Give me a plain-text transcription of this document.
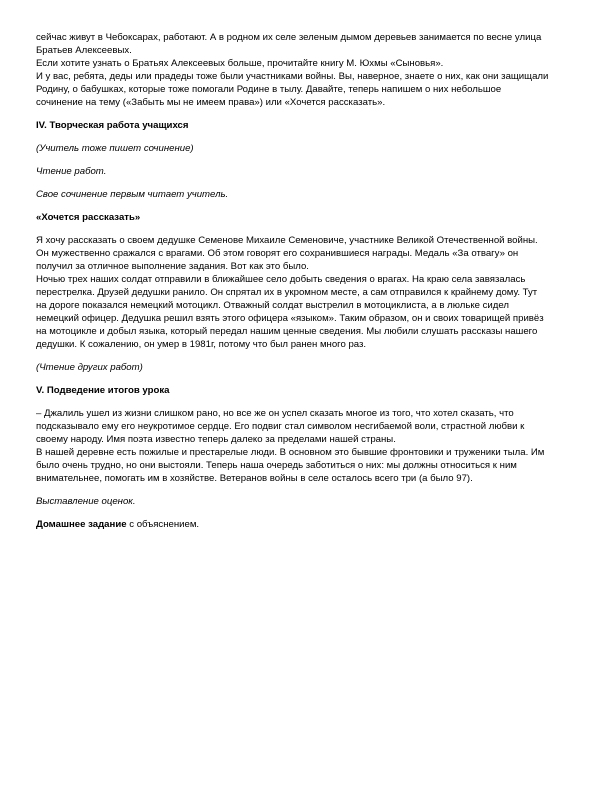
сейчас живут в Чебоксарах, работают. А в родном их селе зеленым дымом деревьев занимается по весне улица
Братьев Алексеевых.
Если хотите узнать о Братьях Алексеевых больше, прочитайте книгу М. Юхмы «Сыновья».
И у вас, ребята, деды или прадеды тоже были участниками войны. Вы, наверное, знаете о них, как они защищали
Родину, о бабушках, которые тоже помогали Родине в тылу. Давайте, теперь напишем о них небольшое
сочинение на тему («Забыть мы не имеем права») или «Хочется рассказать».
IV. Творческая работа учащихся
(Учитель тоже пишет сочинение)
Чтение работ.
Свое сочинение первым читает учитель.
«Хочется рассказать»
Я хочу рассказать о своем дедушке Семенове Михаиле Семеновиче, участнике Великой Отечественной войны.
Он мужественно сражался с врагами. Об этом говорят его сохранившиеся награды. Медаль «За отвагу» он
получил за отличное выполнение задания. Вот как это было.
Ночью трех наших солдат отправили в ближайшее село добыть сведения о врагах. На краю села завязалась
перестрелка. Друзей дедушки ранило. Он спрятал их в укромном месте, а сам отправился к крайнему дому. Тут
на дороге показался немецкий мотоцикл. Отважный солдат выстрелил в мотоциклиста, а в люльке сидел
немецкий офицер. Дедушка решил взять этого офицера «языком». Таким образом, он и своих товарищей привёз
на мотоцикле и добыл языка, который передал нашим ценные сведения. Мы любили слушать рассказы нашего
дедушки. К сожалению, он умер в 1981г, потому что был ранен много раз.
(Чтение других работ)
V. Подведение итогов урока
– Джалиль ушел из жизни слишком рано, но все же он успел сказать многое из того, что хотел сказать, что
подсказывало ему его неукротимое сердце. Его подвиг стал символом несгибаемой воли, страстной любви к
своему народу. Имя поэта известно теперь далеко за пределами нашей страны.
В нашей деревне есть пожилые и престарелые люди. В основном это бывшие фронтовики и труженики тыла. Им
было очень трудно, но они выстояли. Теперь наша очередь заботиться о них: мы должны относиться к ним
внимательнее, помогать им в хозяйстве. Ветеранов войны в селе осталось всего три (а было 97).
Выставление оценок.
Домашнее задание с объяснением.
